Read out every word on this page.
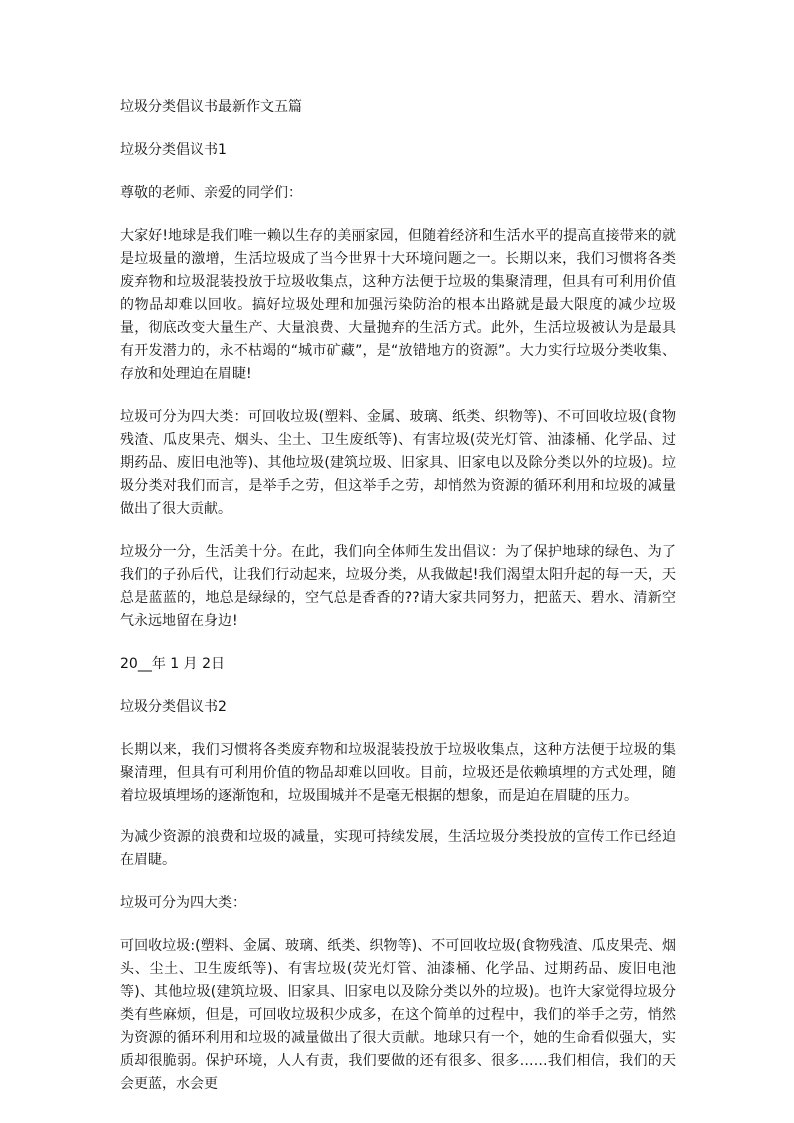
垃圾分类倡议书最新作文五篇

垃圾分类倡议书1

尊敬的老师、亲爱的同学们：

大家好!地球是我们唯一赖以生存的美丽家园，但随着经济和生活水平的提高直接带来的就是垃圾量的激增，生活垃圾成了当今世界十大环境问题之一。长期以来，我们习惯将各类废弃物和垃圾混装投放于垃圾收集点，这种方法便于垃圾的集聚清理，但具有可利用价值的物品却难以回收。搞好垃圾处理和加强污染防治的根本出路就是最大限度的减少垃圾量，彻底改变大量生产、大量浪费、大量抛弃的生活方式。此外，生活垃圾被认为是最具有开发潜力的，永不枯竭的“城市矿藏”，是“放错地方的资源”。大力实行垃圾分类收集、存放和处理迫在眉睫!

垃圾可分为四大类：可回收垃圾(塑料、金属、玻璃、纸类、织物等)、不可回收垃圾(食物残渣、瓜皮果壳、烟头、尘土、卫生废纸等)、有害垃圾(荧光灯管、油漆桶、化学品、过期药品、废旧电池等)、其他垃圾(建筑垃圾、旧家具、旧家电以及除分类以外的垃圾)。垃圾分类对我们而言，是举手之劳，但这举手之劳，却悄然为资源的循环利用和垃圾的减量做出了很大贡献。

垃圾分一分，生活美十分。在此，我们向全体师生发出倡议：为了保护地球的绿色、为了我们的子孙后代，让我们行动起来，垃圾分类，从我做起!我们渴望太阳升起的每一天，天总是蓝蓝的，地总是绿绿的，空气总是香香的??请大家共同努力，把蓝天、碧水、清新空气永远地留在身边!

20__年 1 月 2日

垃圾分类倡议书2

长期以来，我们习惯将各类废弃物和垃圾混装投放于垃圾收集点，这种方法便于垃圾的集聚清理，但具有可利用价值的物品却难以回收。目前，垃圾还是依赖填埋的方式处理，随着垃圾填埋场的逐渐饱和，垃圾围城并不是毫无根据的想象，而是迫在眉睫的压力。

为减少资源的浪费和垃圾的减量，实现可持续发展，生活垃圾分类投放的宣传工作已经迫在眉睫。

垃圾可分为四大类：

可回收垃圾:(塑料、金属、玻璃、纸类、织物等)、不可回收垃圾(食物残渣、瓜皮果壳、烟头、尘土、卫生废纸等)、有害垃圾(荧光灯管、油漆桶、化学品、过期药品、废旧电池等)、其他垃圾(建筑垃圾、旧家具、旧家电以及除分类以外的垃圾)。也许大家觉得垃圾分类有些麻烦，但是，可回收垃圾积少成多，在这个简单的过程中，我们的举手之劳，悄然为资源的循环利用和垃圾的减量做出了很大贡献。地球只有一个，她的生命看似强大，实质却很脆弱。保护环境，人人有责，我们要做的还有很多、很多……我们相信，我们的天会更蓝，水会更
